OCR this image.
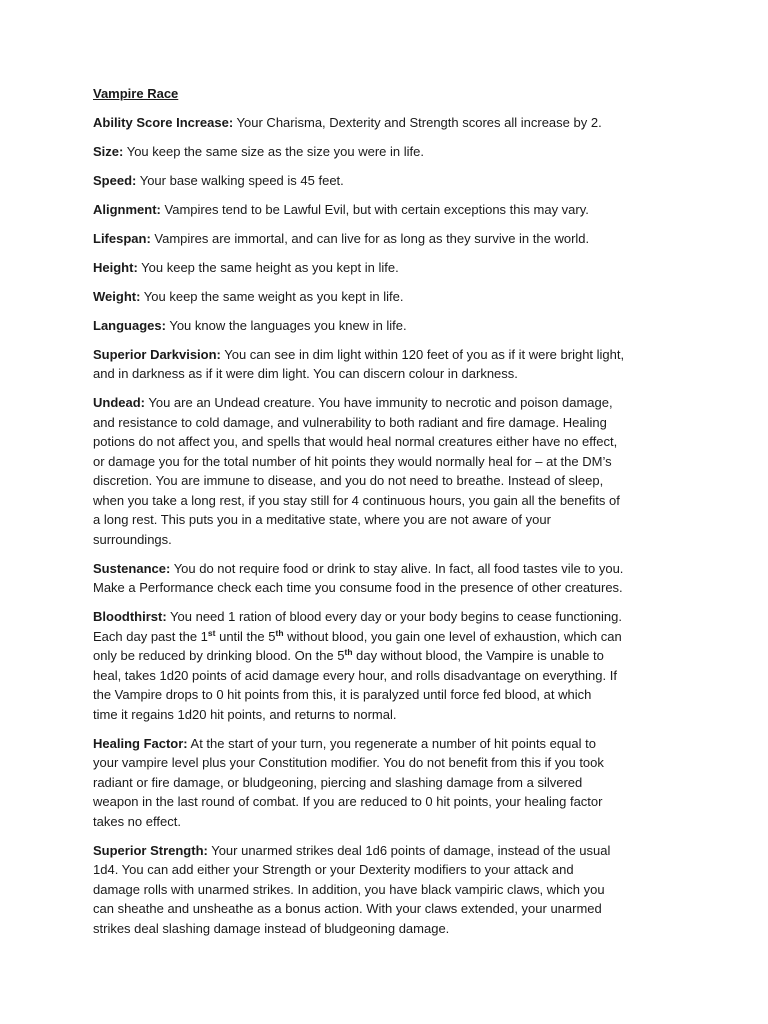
Vampire Race
Ability Score Increase: Your Charisma, Dexterity and Strength scores all increase by 2.
Size: You keep the same size as the size you were in life.
Speed: Your base walking speed is 45 feet.
Alignment: Vampires tend to be Lawful Evil, but with certain exceptions this may vary.
Lifespan: Vampires are immortal, and can live for as long as they survive in the world.
Height: You keep the same height as you kept in life.
Weight: You keep the same weight as you kept in life.
Languages: You know the languages you knew in life.
Superior Darkvision: You can see in dim light within 120 feet of you as if it were bright light,
and in darkness as if it were dim light. You can discern colour in darkness.
Undead: You are an Undead creature. You have immunity to necrotic and poison damage,
and resistance to cold damage, and vulnerability to both radiant and fire damage. Healing
potions do not affect you, and spells that would heal normal creatures either have no effect,
or damage you for the total number of hit points they would normally heal for – at the DM’s
discretion. You are immune to disease, and you do not need to breathe. Instead of sleep,
when you take a long rest, if you stay still for 4 continuous hours, you gain all the benefits of
a long rest. This puts you in a meditative state, where you are not aware of your
surroundings.
Sustenance: You do not require food or drink to stay alive. In fact, all food tastes vile to you.
Make a Performance check each time you consume food in the presence of other creatures.
Bloodthirst: You need 1 ration of blood every day or your body begins to cease functioning.
Each day past the 1st until the 5th without blood, you gain one level of exhaustion, which can
only be reduced by drinking blood. On the 5th day without blood, the Vampire is unable to
heal, takes 1d20 points of acid damage every hour, and rolls disadvantage on everything. If
the Vampire drops to 0 hit points from this, it is paralyzed until force fed blood, at which
time it regains 1d20 hit points, and returns to normal.
Healing Factor: At the start of your turn, you regenerate a number of hit points equal to
your vampire level plus your Constitution modifier. You do not benefit from this if you took
radiant or fire damage, or bludgeoning, piercing and slashing damage from a silvered
weapon in the last round of combat. If you are reduced to 0 hit points, your healing factor
takes no effect.
Superior Strength: Your unarmed strikes deal 1d6 points of damage, instead of the usual
1d4. You can add either your Strength or your Dexterity modifiers to your attack and
damage rolls with unarmed strikes. In addition, you have black vampiric claws, which you
can sheathe and unsheathe as a bonus action. With your claws extended, your unarmed
strikes deal slashing damage instead of bludgeoning damage.
